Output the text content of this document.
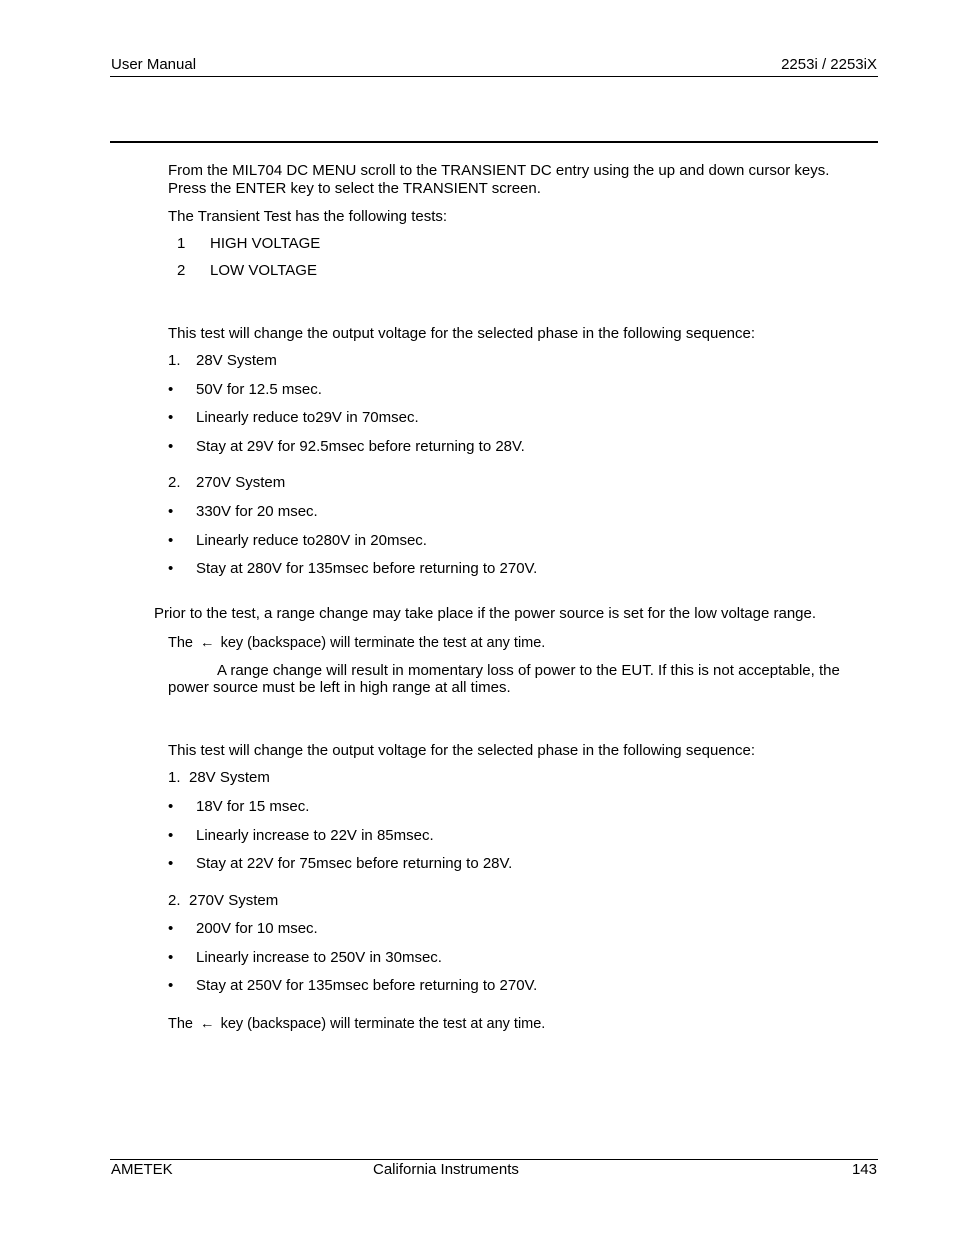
User Manual	2253i / 2253iX
From the MIL704 DC MENU scroll to the TRANSIENT DC entry using the up and down cursor keys.
Press the ENTER key to select the TRANSIENT screen.
The Transient Test has the following tests:
1 HIGH VOLTAGE
2 LOW VOLTAGE
This test will change the output voltage for the selected phase in the following sequence:
1. 28V System
• 50V for 12.5 msec.
• Linearly reduce to29V in 70msec.
• Stay at 29V for 92.5msec before returning to 28V.
2. 270V System
• 330V for 20 msec.
• Linearly reduce to280V in 20msec.
• Stay at 280V for 135msec before returning to 270V.
Prior to the test, a range change may take place if the power source is set for the low voltage range.
The ← key (backspace) will terminate the test at any time.
A range change will result in momentary loss of power to the EUT. If this is not acceptable, the
power source must be left in high range at all times.
This test will change the output voltage for the selected phase in the following sequence:
1. 28V System
• 18V for 15 msec.
• Linearly increase to 22V in 85msec.
• Stay at 22V for 75msec before returning to 28V.
2. 270V System
• 200V for 10 msec.
• Linearly increase to 250V in 30msec.
• Stay at 250V for 135msec before returning to 270V.
The ← key (backspace) will terminate the test at any time.
AMETEK	California Instruments	143
